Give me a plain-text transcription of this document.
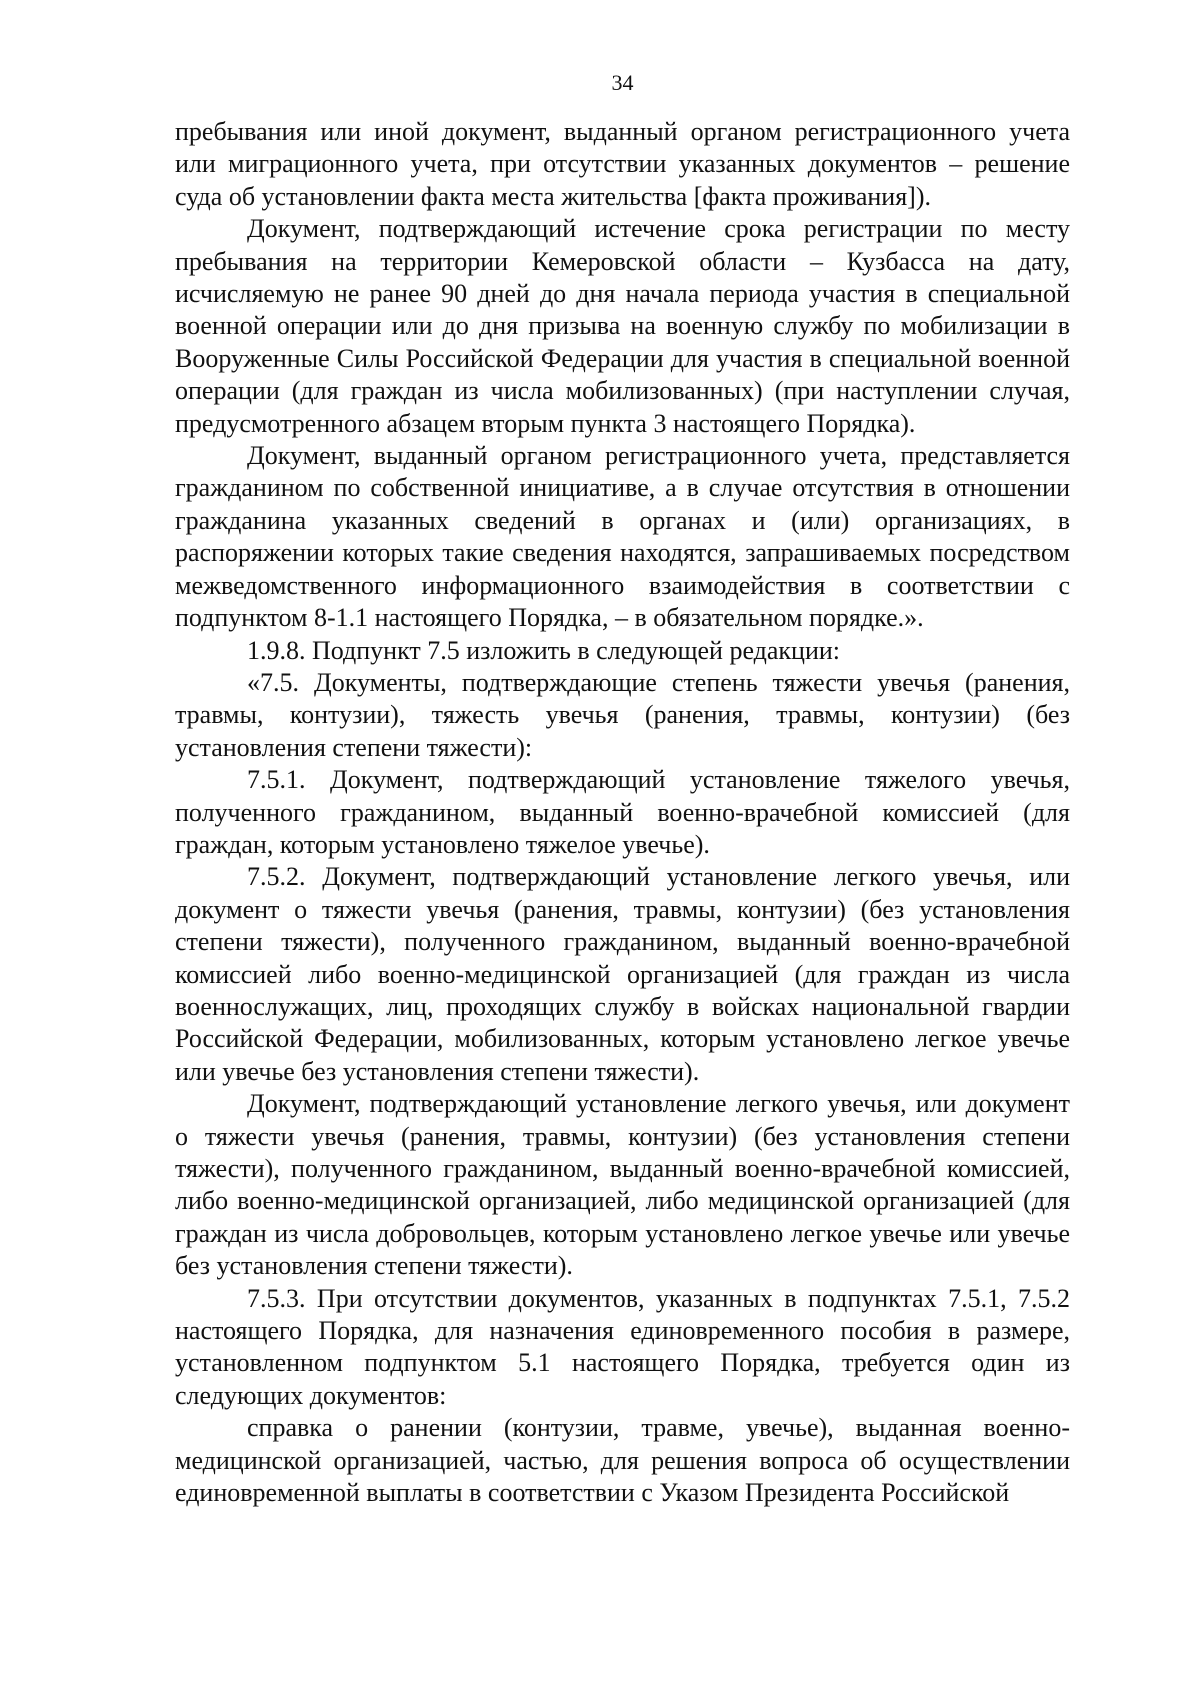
34

пребывания или иной документ, выданный органом регистрационного учета или миграционного учета, при отсутствии указанных документов – решение суда об установлении факта места жительства [факта проживания]).

Документ, подтверждающий истечение срока регистрации по месту пребывания на территории Кемеровской области – Кузбасса на дату, исчисляемую не ранее 90 дней до дня начала периода участия в специальной военной операции или до дня призыва на военную службу по мобилизации в Вооруженные Силы Российской Федерации для участия в специальной военной операции (для граждан из числа мобилизованных) (при наступлении случая, предусмотренного абзацем вторым пункта 3 настоящего Порядка).

Документ, выданный органом регистрационного учета, представляется гражданином по собственной инициативе, а в случае отсутствия в отношении гражданина указанных сведений в органах и (или) организациях, в распоряжении которых такие сведения находятся, запрашиваемых посредством межведомственного информационного взаимодействия в соответствии с подпунктом 8-1.1 настоящего Порядка, – в обязательном порядке.».

1.9.8. Подпункт 7.5 изложить в следующей редакции:

«7.5. Документы, подтверждающие степень тяжести увечья (ранения, травмы, контузии), тяжесть увечья (ранения, травмы, контузии) (без установления степени тяжести):

7.5.1. Документ, подтверждающий установление тяжелого увечья, полученного гражданином, выданный военно-врачебной комиссией (для граждан, которым установлено тяжелое увечье).

7.5.2. Документ, подтверждающий установление легкого увечья, или документ о тяжести увечья (ранения, травмы, контузии) (без установления степени тяжести), полученного гражданином, выданный военно-врачебной комиссией либо военно-медицинской организацией (для граждан из числа военнослужащих, лиц, проходящих службу в войсках национальной гвардии Российской Федерации, мобилизованных, которым установлено легкое увечье или увечье без установления степени тяжести).

Документ, подтверждающий установление легкого увечья, или документ о тяжести увечья (ранения, травмы, контузии) (без установления степени тяжести), полученного гражданином, выданный военно-врачебной комиссией, либо военно-медицинской организацией, либо медицинской организацией (для граждан из числа добровольцев, которым установлено легкое увечье или увечье без установления степени тяжести).

7.5.3. При отсутствии документов, указанных в подпунктах 7.5.1, 7.5.2 настоящего Порядка, для назначения единовременного пособия в размере, установленном подпунктом 5.1 настоящего Порядка, требуется один из следующих документов:

справка о ранении (контузии, травме, увечье), выданная военно-медицинской организацией, частью, для решения вопроса об осуществлении единовременной выплаты в соответствии с Указом Президента Российской
